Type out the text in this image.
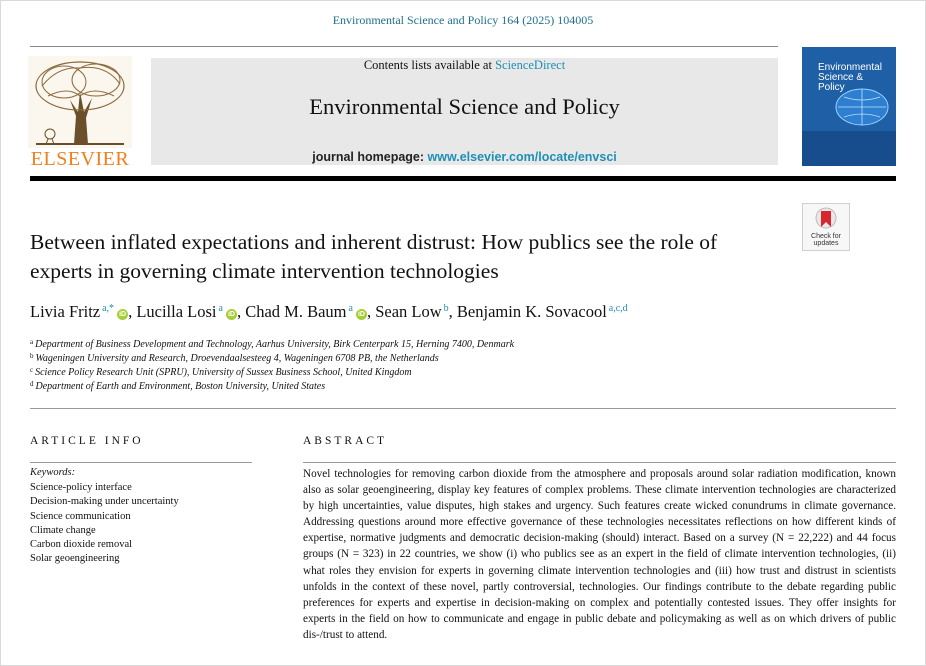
Environmental Science and Policy 164 (2025) 104005
ELSEVIER
Contents lists available at ScienceDirect
Environmental Science and Policy
journal homepage: www.elsevier.com/locate/envsci
Environmental Science & Policy
Check for updates
Between inflated expectations and inherent distrust: How publics see the role of experts in governing climate intervention technologies
Livia Fritz $^{a,*}$iD , Lucilla Losi $^a$iD , Chad M. Baum $^a$iD , Sean Low $^b$, Benjamin K. Sovacool $^{a,c,d}$
$^a$ Department of Business Development and Technology, Aarhus University, Birk Centerpark 15, Herning 7400, Denmark
$^b$ Wageningen University and Research, Droevendaalsesteeg 4, Wageningen 6708 PB, the Netherlands
$^c$ Science Policy Research Unit (SPRU), University of Sussex Business School, United Kingdom
$^d$ Department of Earth and Environment, Boston University, United States
ARTICLE INFO
Keywords:
Science-policy interface
Decision-making under uncertainty
Science communication
Climate change
Carbon dioxide removal
Solar geoengineering
ABSTRACT
Novel technologies for removing carbon dioxide from the atmosphere and proposals around solar radiation modification, known also as solar geoengineering, display key features of complex problems. These climate intervention technologies are characterized by high uncertainties, value disputes, high stakes and urgency. Such features create wicked conundrums in climate governance. Addressing questions around more effective governance of these technologies necessitates reflections on how different kinds of expertise, normative judgments and democratic decision-making (should) interact. Based on a survey (N = 22,222) and 44 focus groups (N = 323) in 22 countries, we show (i) who publics see as an expert in the field of climate intervention technologies, (ii) what roles they envision for experts in governing climate intervention technologies and (iii) how trust and distrust in scientists unfolds in the context of these novel, partly controversial, technologies. Our findings contribute to the debate regarding public preferences for experts and expertise in decision-making on complex and potentially contested issues. They offer insights for experts in the field on how to communicate and engage in public debate and policymaking as well as on which drivers of public dis-/trust to attend.
